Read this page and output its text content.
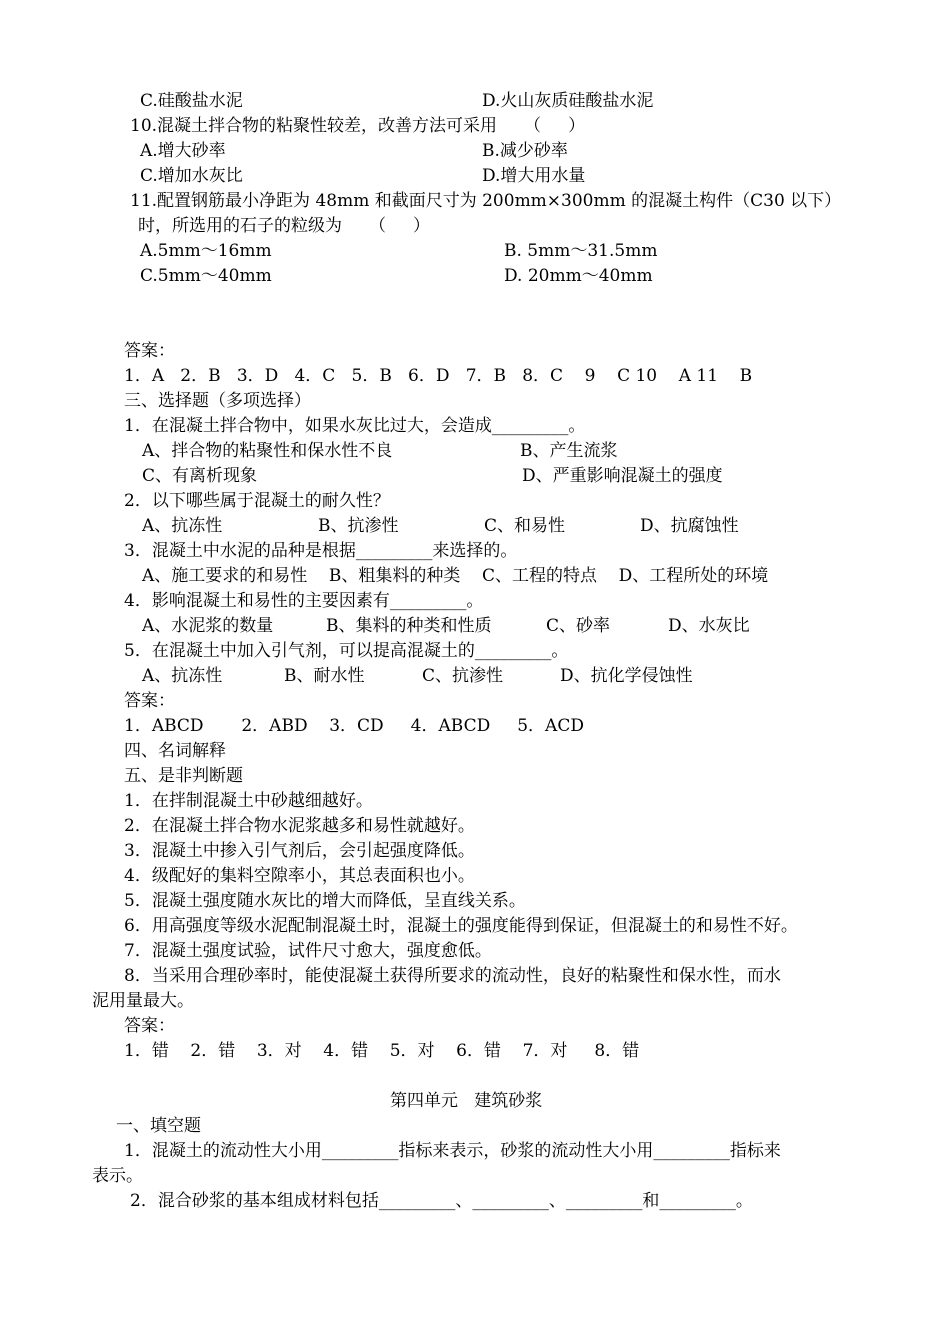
C.硅酸盐水泥	D.火山灰质硅酸盐水泥
10.混凝土拌合物的粘聚性较差，改善方法可采用     （     ）
A.增大砂率	B.减少砂率
C.增加水灰比	D.增大用水量
11.配置钢筋最小净距为 48mm 和截面尺寸为 200mm×300mm 的混凝土构件（C30 以下）
时，所选用的石子的粒级为     （     ）
A.5mm～16mm	B. 5mm～31.5mm
C.5mm～40mm	D. 20mm～40mm
答案：
1．A   2．B   3．D   4．C   5．B   6．D   7．B   8．C    9    C 10    A 11    B
三、选择题（多项选择）
1．在混凝土拌合物中，如果水灰比过大，会造成_________。
A、拌合物的粘聚性和保水性不良	B、产生流浆
C、有离析现象	D、严重影响混凝土的强度
2．以下哪些属于混凝土的耐久性？
A、抗冻性	B、抗渗性	C、和易性	D、抗腐蚀性
3．混凝土中水泥的品种是根据_________来选择的。
A、施工要求的和易性    B、粗集料的种类    C、工程的特点    D、工程所处的环境
4．影响混凝土和易性的主要因素有_________。
A、水泥浆的数量	B、集料的种类和性质	C、砂率	D、水灰比
5．在混凝土中加入引气剂，可以提高混凝土的_________。
A、抗冻性	B、耐水性	C、抗渗性	D、抗化学侵蚀性
答案：
1．ABCD       2．ABD    3．CD     4．ABCD     5．ACD
四、名词解释
五、是非判断题
1．在拌制混凝土中砂越细越好。
2．在混凝土拌合物水泥浆越多和易性就越好。
3．混凝土中掺入引气剂后，会引起强度降低。
4．级配好的集料空隙率小，其总表面积也小。
5．混凝土强度随水灰比的增大而降低，呈直线关系。
6．用高强度等级水泥配制混凝土时，混凝土的强度能得到保证，但混凝土的和易性不好。
7．混凝土强度试验，试件尺寸愈大，强度愈低。
8．当采用合理砂率时，能使混凝土获得所要求的流动性，良好的粘聚性和保水性，而水
泥用量最大。
答案：
1．错    2．错    3．对    4．错    5．对    6．错    7．对     8．错
第四单元   建筑砂浆
一、填空题
1．混凝土的流动性大小用_________指标来表示，砂浆的流动性大小用_________指标来
表示。
2．混合砂浆的基本组成材料包括_________、_________、_________和_________。
